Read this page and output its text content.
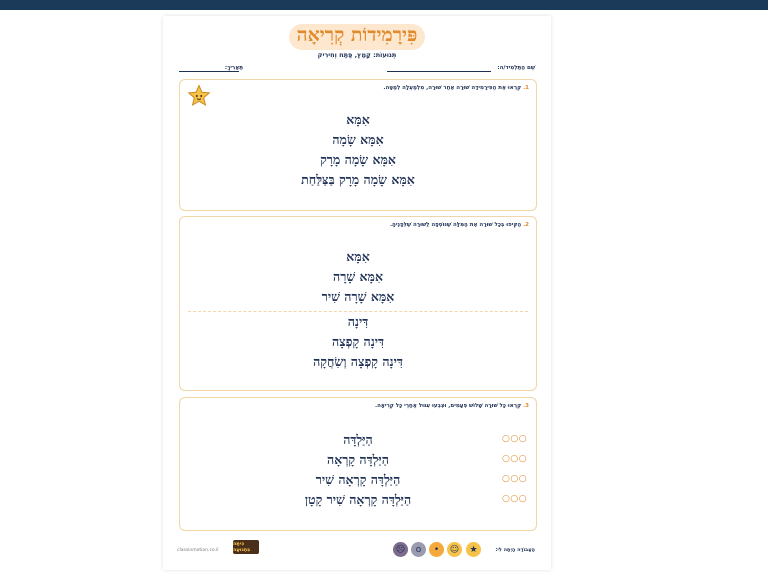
פִּירָמִידוֹת קְרִיאָה
תְּנוּעוֹת: קָמַץ, פַּתַּח וְחִירִיק
שֵׁם הַתַּלְמִיד/ה:
תַּאֲרִיךְ:
1. קִרְאוּ אֶת הַפִּירָמִידָה שׁוּרָה אַחַר שׁוּרָה, מִלְמַעְלָה לְמַטָּה.
אִמָּא
אִמָּא שָׂמָה
אִמָּא שָׂמָה מָרָק
אִמָּא שָׂמָה מָרָק בַּצַּלַּחַת
2. הַקִּיפוּ בְּכָל שׁוּרָה אֶת הַמִּלָּה שֶׁנּוֹסְפָה לַשּׁוּרָה שֶׁלְּפָנֶיהָ.
אִמָּא
אִמָּא שָׁרָה
אִמָּא שָׁרָה שִׁיר
דִּינָה
דִּינָה קָפְצָה
דִּינָה קָפְצָה וְשִׂחֲקָה
3. קִרְאוּ כָּל שׁוּרָה שָׁלוֹשׁ פְּעָמִים, וּצְבְעוּ עִגּוּל אַחֲרֵי כָּל קְרִיאָה.
הַיַּלְדָּה	○○○
הַיַּלְדָּה קָרְאָה	○○○
הַיַּלְדָּה קָרְאָה שִׁיר	○○○
הַיַּלְדָּה קָרְאָה שִׁיר קָטָן	○○○
הָעֲבוֹדָה הָיְתָה לִי:
★
☺
•
o
☹
classinmotion.co.il
כִּיתָּה בִּתְנוּעָה
